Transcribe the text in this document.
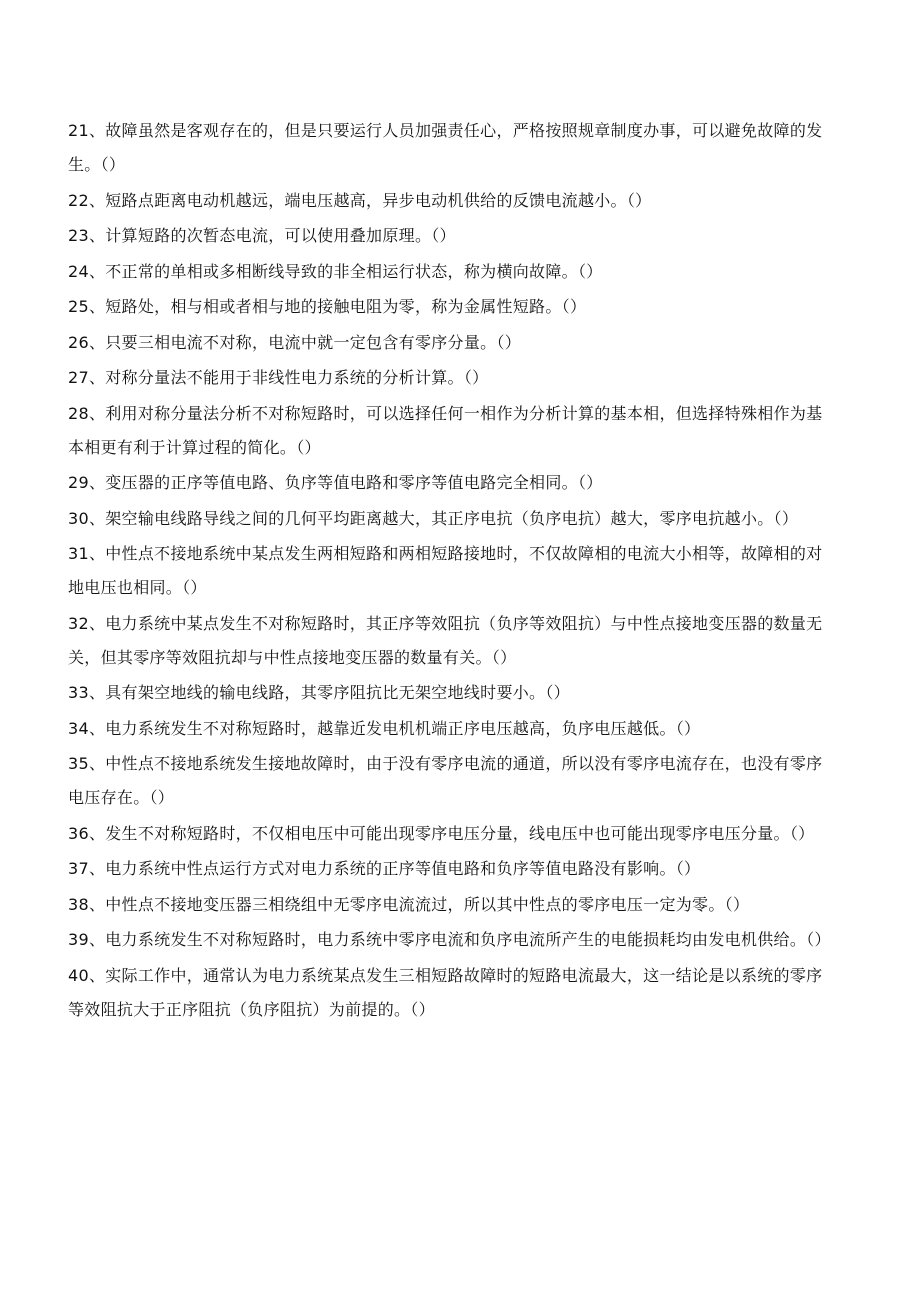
21、故障虽然是客观存在的，但是只要运行人员加强责任心，严格按照规章制度办事，可以避免故障的发生。（）
22、短路点距离电动机越远，端电压越高，异步电动机供给的反馈电流越小。（）
23、计算短路的次暂态电流，可以使用叠加原理。（）
24、不正常的单相或多相断线导致的非全相运行状态，称为横向故障。（）
25、短路处，相与相或者相与地的接触电阻为零，称为金属性短路。（）
26、只要三相电流不对称，电流中就一定包含有零序分量。（）
27、对称分量法不能用于非线性电力系统的分析计算。（）
28、利用对称分量法分析不对称短路时，可以选择任何一相作为分析计算的基本相，但选择特殊相作为基本相更有利于计算过程的简化。（）
29、变压器的正序等值电路、负序等值电路和零序等值电路完全相同。（）
30、架空输电线路导线之间的几何平均距离越大，其正序电抗（负序电抗）越大，零序电抗越小。（）
31、中性点不接地系统中某点发生两相短路和两相短路接地时，不仅故障相的电流大小相等，故障相的对地电压也相同。（）
32、电力系统中某点发生不对称短路时，其正序等效阻抗（负序等效阻抗）与中性点接地变压器的数量无关，但其零序等效阻抗却与中性点接地变压器的数量有关。（）
33、具有架空地线的输电线路，其零序阻抗比无架空地线时要小。（）
34、电力系统发生不对称短路时，越靠近发电机机端正序电压越高，负序电压越低。（）
35、中性点不接地系统发生接地故障时，由于没有零序电流的通道，所以没有零序电流存在，也没有零序电压存在。（）
36、发生不对称短路时，不仅相电压中可能出现零序电压分量，线电压中也可能出现零序电压分量。（）
37、电力系统中性点运行方式对电力系统的正序等值电路和负序等值电路没有影响。（）
38、中性点不接地变压器三相绕组中无零序电流流过，所以其中性点的零序电压一定为零。（）
39、电力系统发生不对称短路时，电力系统中零序电流和负序电流所产生的电能损耗均由发电机供给。（）
40、实际工作中，通常认为电力系统某点发生三相短路故障时的短路电流最大，这一结论是以系统的零序等效阻抗大于正序阻抗（负序阻抗）为前提的。（）
